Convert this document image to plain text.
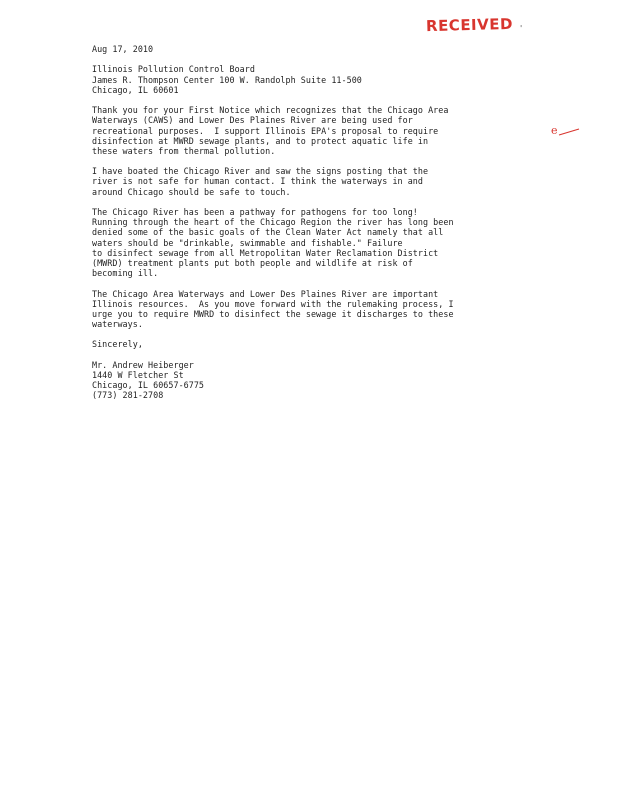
RECEIVED '
e
Aug 17, 2010
Illinois Pollution Control Board
James R. Thompson Center 100 W. Randolph Suite 11-500
Chicago, IL 60601
Thank you for your First Notice which recognizes that the Chicago Area
Waterways (CAWS) and Lower Des Plaines River are being used for
recreational purposes.  I support Illinois EPA's proposal to require
disinfection at MWRD sewage plants, and to protect aquatic life in
these waters from thermal pollution.
I have boated the Chicago River and saw the signs posting that the
river is not safe for human contact. I think the waterways in and
around Chicago should be safe to touch.
The Chicago River has been a pathway for pathogens for too long!
Running through the heart of the Chicago Region the river has long been
denied some of the basic goals of the Clean Water Act namely that all
waters should be "drinkable, swimmable and fishable." Failure
to disinfect sewage from all Metropolitan Water Reclamation District
(MWRD) treatment plants put both people and wildlife at risk of
becoming ill.
The Chicago Area Waterways and Lower Des Plaines River are important
Illinois resources.  As you move forward with the rulemaking process, I
urge you to require MWRD to disinfect the sewage it discharges to these
waterways.
Sincerely,
Mr. Andrew Heiberger
1440 W Fletcher St
Chicago, IL 60657-6775
(773) 281-2708
